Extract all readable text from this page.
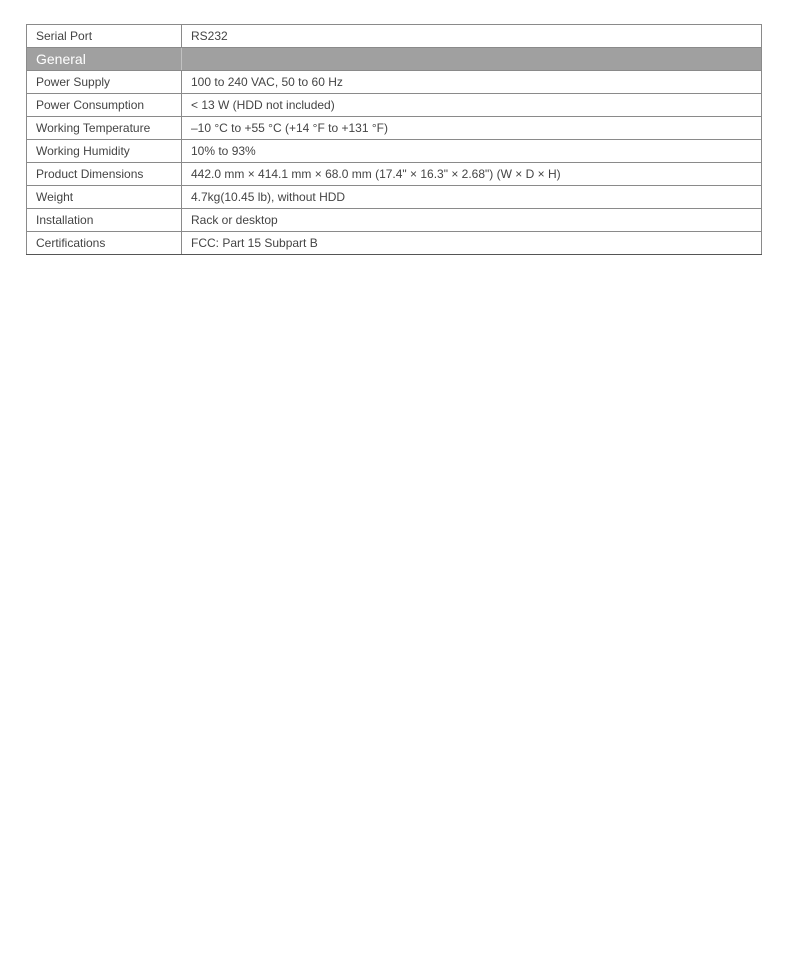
Serial Port	RS232
General	
Power Supply	100 to 240 VAC, 50 to 60 Hz
Power Consumption	< 13 W (HDD not included)
Working Temperature	–10 °C to +55 °C (+14 °F to +131 °F)
Working Humidity	10% to 93%
Product Dimensions	442.0 mm × 414.1 mm × 68.0 mm (17.4" × 16.3" × 2.68") (W × D × H)
Weight	4.7kg(10.45 lb), without HDD
Installation	Rack or desktop
Certifications	FCC: Part 15 Subpart B
